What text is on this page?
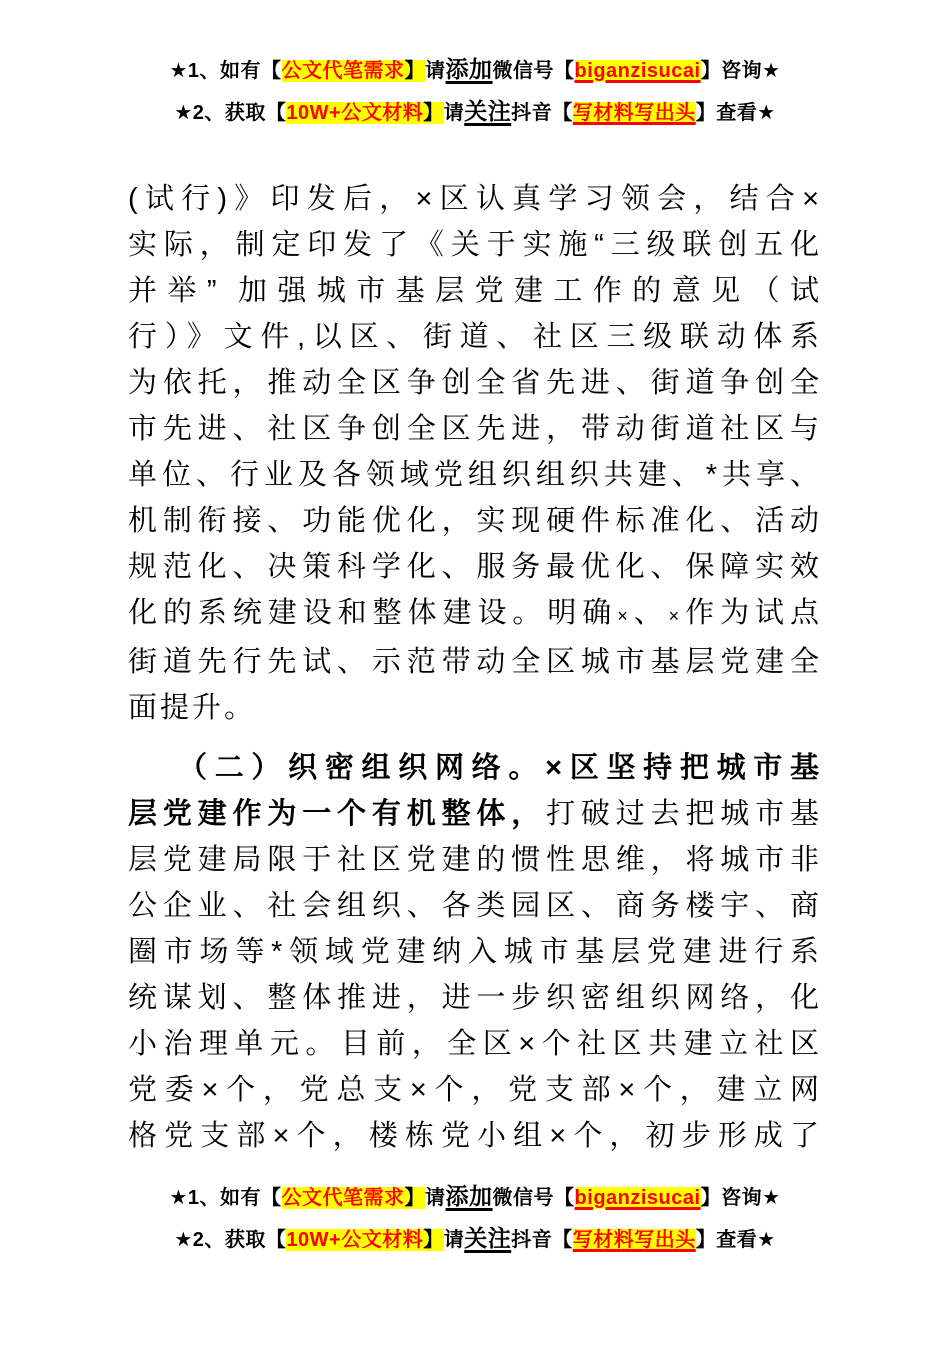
★1、如有【公文代笔需求】请添加微信号【biganzisucai】咨询★
★2、获取【10W+公文材料】请关注抖音【写材料写出头】查看★
(试行)》印发后，×区认真学习领会，结合×
实际，制定印发了《关于实施“三级联创五化
并举” 加强城市基层党建工作的意见（试
行）》文件,以区、街道、社区三级联动体系
为依托，推动全区争创全省先进、街道争创全
市先进、社区争创全区先进，带动街道社区与
单位、行业及各领域党组织组织共建、*共享、
机制衔接、功能优化，实现硬件标准化、活动
规范化、决策科学化、服务最优化、保障实效
化的系统建设和整体建设。明确×、×作为试点
街道先行先试、示范带动全区城市基层党建全
面提升。
（二）织密组织网络。×区坚持把城市基
层党建作为一个有机整体，打破过去把城市基
层党建局限于社区党建的惯性思维，将城市非
公企业、社会组织、各类园区、商务楼宇、商
圈市场等*领域党建纳入城市基层党建进行系
统谋划、整体推进，进一步织密组织网络，化
小治理单元。目前，全区×个社区共建立社区
党委×个，党总支×个，党支部×个，建立网
格党支部×个，楼栋党小组×个，初步形成了
★1、如有【公文代笔需求】请添加微信号【biganzisucai】咨询★
★2、获取【10W+公文材料】请关注抖音【写材料写出头】查看★
